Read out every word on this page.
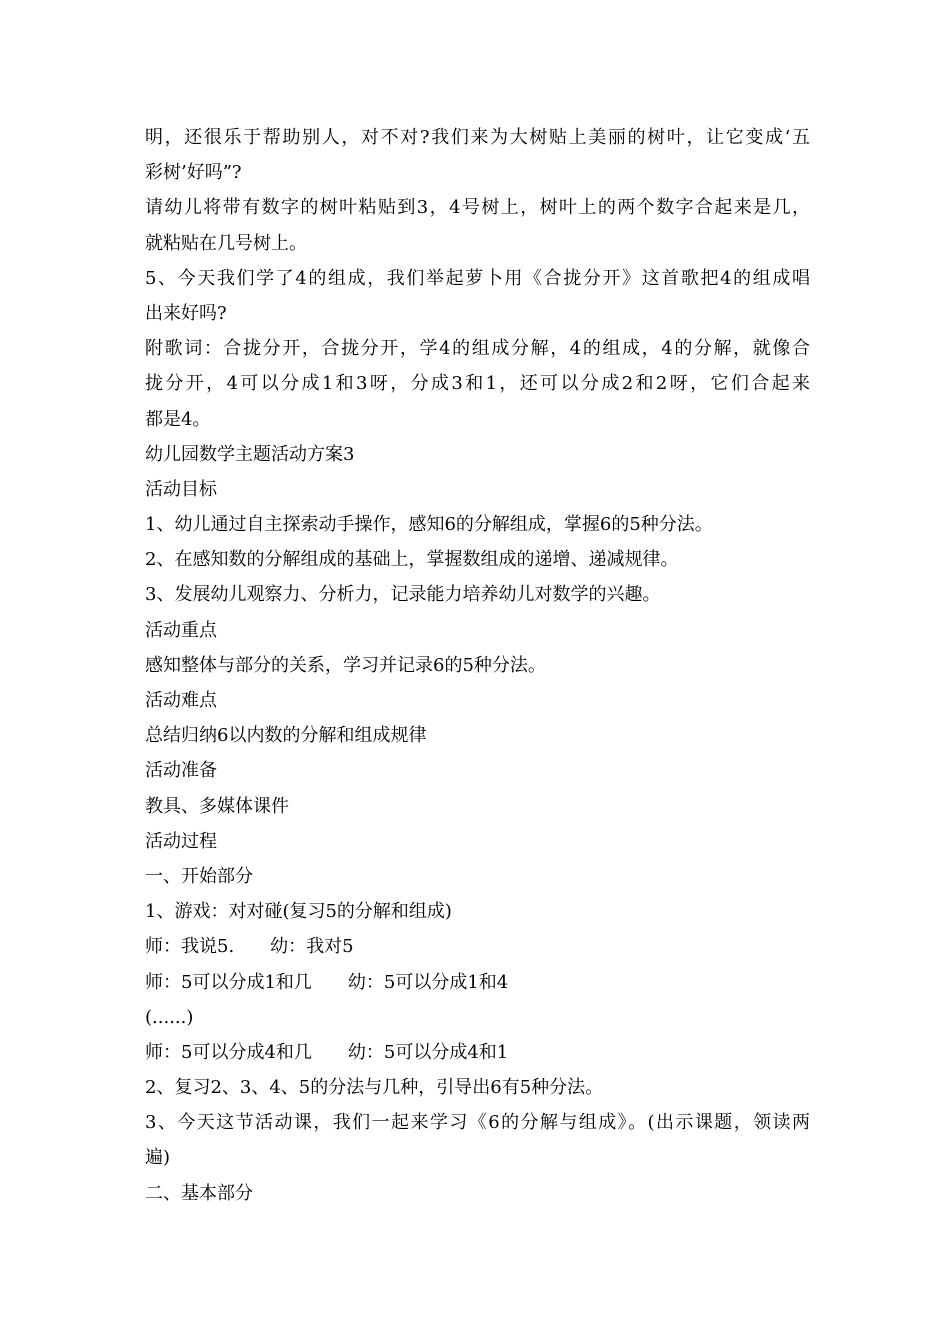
明，还很乐于帮助别人，对不对?我们来为大树贴上美丽的树叶，让它变成‘五
彩树’好吗”?
请幼儿将带有数字的树叶粘贴到3，4号树上，树叶上的两个数字合起来是几，
就粘贴在几号树上。
5、今天我们学了4的组成，我们举起萝卜用《合拢分开》这首歌把4的组成唱
出来好吗?
附歌词：合拢分开，合拢分开，学4的组成分解，4的组成，4的分解，就像合
拢分开，4可以分成1和3呀，分成3和1，还可以分成2和2呀，它们合起来
都是4。
幼儿园数学主题活动方案3
活动目标
1、幼儿通过自主探索动手操作，感知6的分解组成，掌握6的5种分法。
2、在感知数的分解组成的基础上，掌握数组成的递增、递减规律。
3、发展幼儿观察力、分析力，记录能力培养幼儿对数学的兴趣。
活动重点
感知整体与部分的关系，学习并记录6的5种分法。
活动难点
总结归纳6以内数的分解和组成规律
活动准备
教具、多媒体课件
活动过程
一、开始部分
1、游戏：对对碰(复习5的分解和组成)
师：我说5.　　幼：我对5
师：5可以分成1和几　　幼：5可以分成1和4
(......)
师：5可以分成4和几　　幼：5可以分成4和1
2、复习2、3、4、5的分法与几种，引导出6有5种分法。
3、今天这节活动课，我们一起来学习《6的分解与组成》。(出示课题，领读两
遍)
二、基本部分
